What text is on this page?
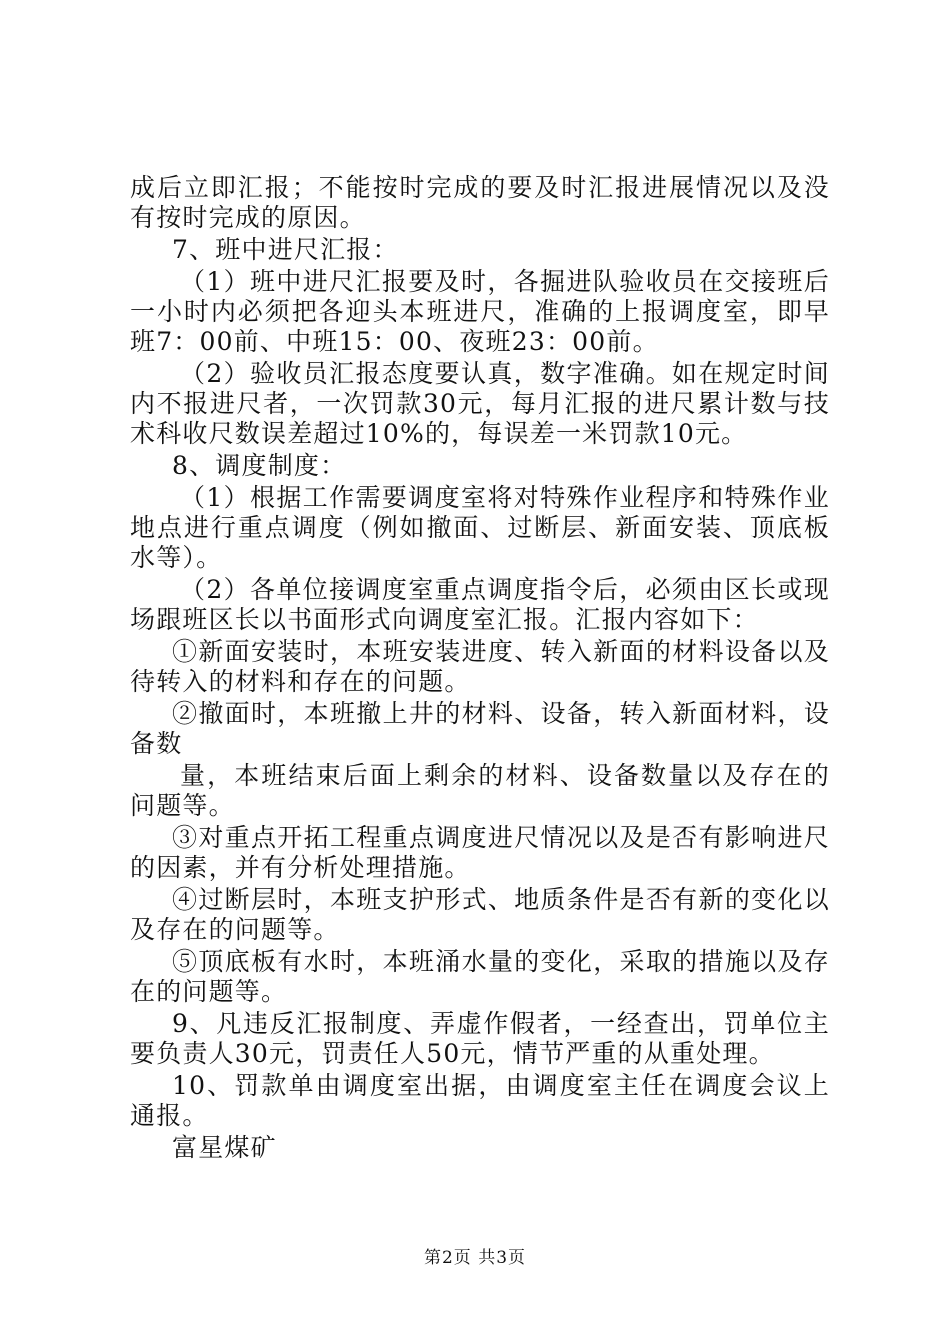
成后立即汇报；不能按时完成的要及时汇报进展情况以及没有按时完成的原因。

7、班中进尺汇报：

（1）班中进尺汇报要及时，各掘进队验收员在交接班后一小时内必须把各迎头本班进尺，准确的上报调度室，即早班7：00前、中班15：00、夜班23：00前。

（2）验收员汇报态度要认真，数字准确。如在规定时间内不报进尺者，一次罚款30元，每月汇报的进尺累计数与技术科收尺数误差超过10%的，每误差一米罚款10元。

8、调度制度：

（1）根据工作需要调度室将对特殊作业程序和特殊作业地点进行重点调度（例如撤面、过断层、新面安装、顶底板水等）。

（2）各单位接调度室重点调度指令后，必须由区长或现场跟班区长以书面形式向调度室汇报。汇报内容如下：

①新面安装时，本班安装进度、转入新面的材料设备以及待转入的材料和存在的问题。

②撤面时，本班撤上井的材料、设备，转入新面材料，设备数

量，本班结束后面上剩余的材料、设备数量以及存在的问题等。

③对重点开拓工程重点调度进尺情况以及是否有影响进尺的因素，并有分析处理措施。

④过断层时，本班支护形式、地质条件是否有新的变化以及存在的问题等。

⑤顶底板有水时，本班涌水量的变化，采取的措施以及存在的问题等。

9、凡违反汇报制度、弄虚作假者，一经查出，罚单位主要负责人30元，罚责任人50元，情节严重的从重处理。

10、罚款单由调度室出据，由调度室主任在调度会议上通报。

富星煤矿

第2页 共3页
